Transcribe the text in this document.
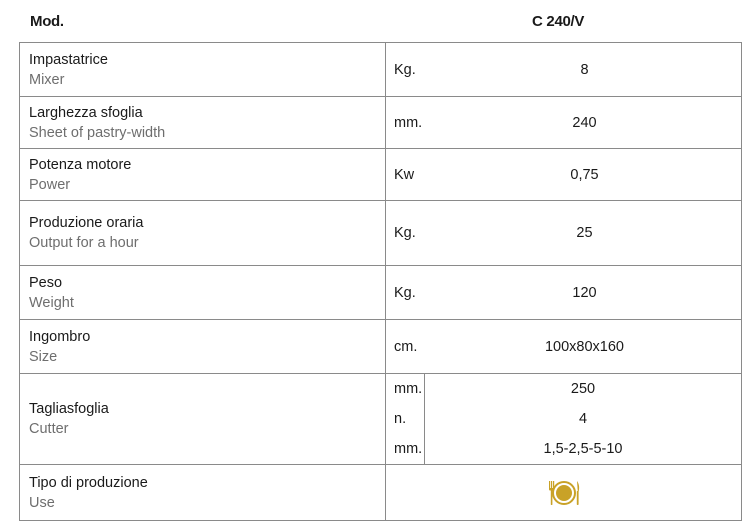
Mod.	C 240/V
Impastatrice
Mixer

Kg.	8

Larghezza sfoglia
Sheet of pastry-width

mm.	240

Potenza motore
Power

Kw	0,75

Produzione oraria
Output for a hour

Kg.	25

Peso
Weight

Kg.	120

Ingombro
Size

cm.	100x80x160

Tagliasfoglia
Cutter

mm.	250
n.	4
mm.	1,5-2,5-5-10

Tipo di produzione
Use
